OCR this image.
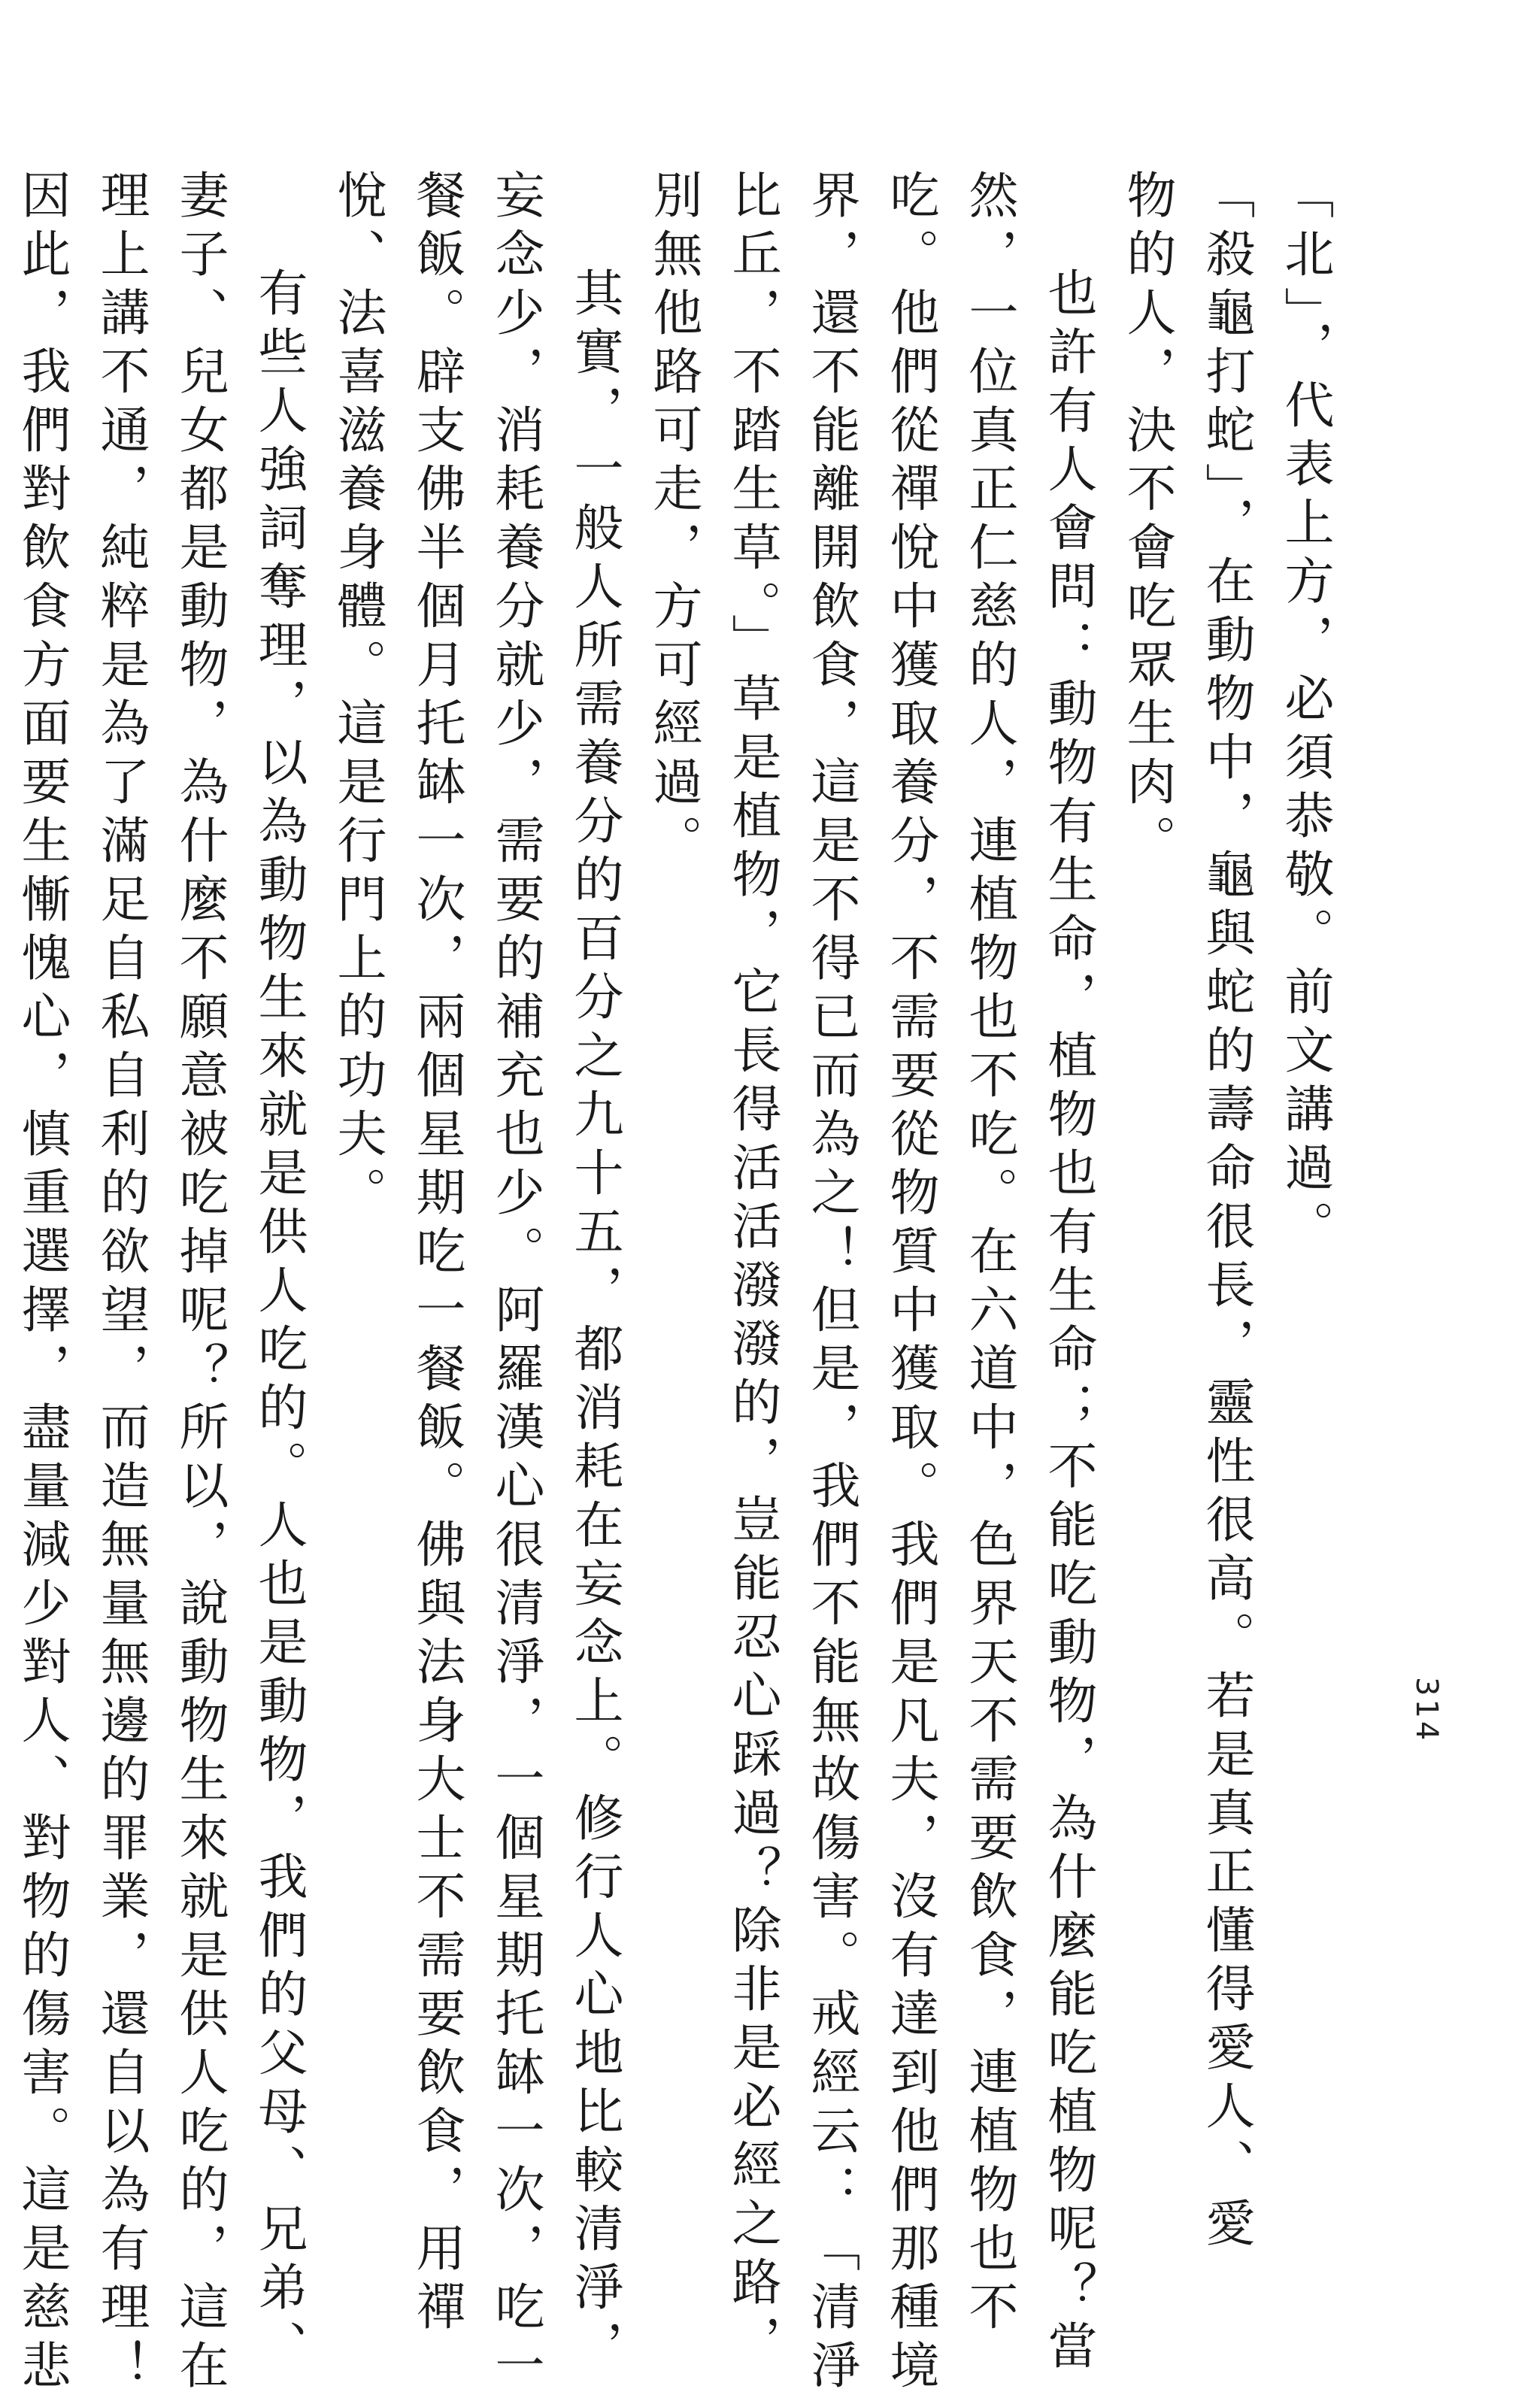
「北」，代表上方，必須恭敬。前文講過。
「殺龜打蛇」，在動物中，龜與蛇的壽命很長，靈性很高。若是真正懂得愛人、愛
物的人，決不會吃眾生肉。
也許有人會問：動物有生命，植物也有生命；不能吃動物，為什麼能吃植物呢？當
然，一位真正仁慈的人，連植物也不吃。在六道中，色界天不需要飲食，連植物也不
吃。他們從禪悅中獲取養分，不需要從物質中獲取。我們是凡夫，沒有達到他們那種境
界，還不能離開飲食，這是不得已而為之！但是，我們不能無故傷害。戒經云：「清淨
比丘，不踏生草。」草是植物，它長得活活潑潑的，豈能忍心踩過？除非是必經之路，
別無他路可走，方可經過。
其實，一般人所需養分的百分之九十五，都消耗在妄念上。修行人心地比較清淨，
妄念少，消耗養分就少，需要的補充也少。阿羅漢心很清淨，一個星期托缽一次，吃一
餐飯。辟支佛半個月托缽一次，兩個星期吃一餐飯。佛與法身大士不需要飲食，用禪
悅、法喜滋養身體。這是行門上的功夫。
有些人強詞奪理，以為動物生來就是供人吃的。人也是動物，我們的父母、兄弟、
妻子、兒女都是動物，為什麼不願意被吃掉呢？所以，說動物生來就是供人吃的，這在
理上講不通，純粹是為了滿足自私自利的欲望，而造無量無邊的罪業，還自以為有理！
因此，我們對飲食方面要生慚愧心，慎重選擇，盡量減少對人、對物的傷害。這是慈悲	314
